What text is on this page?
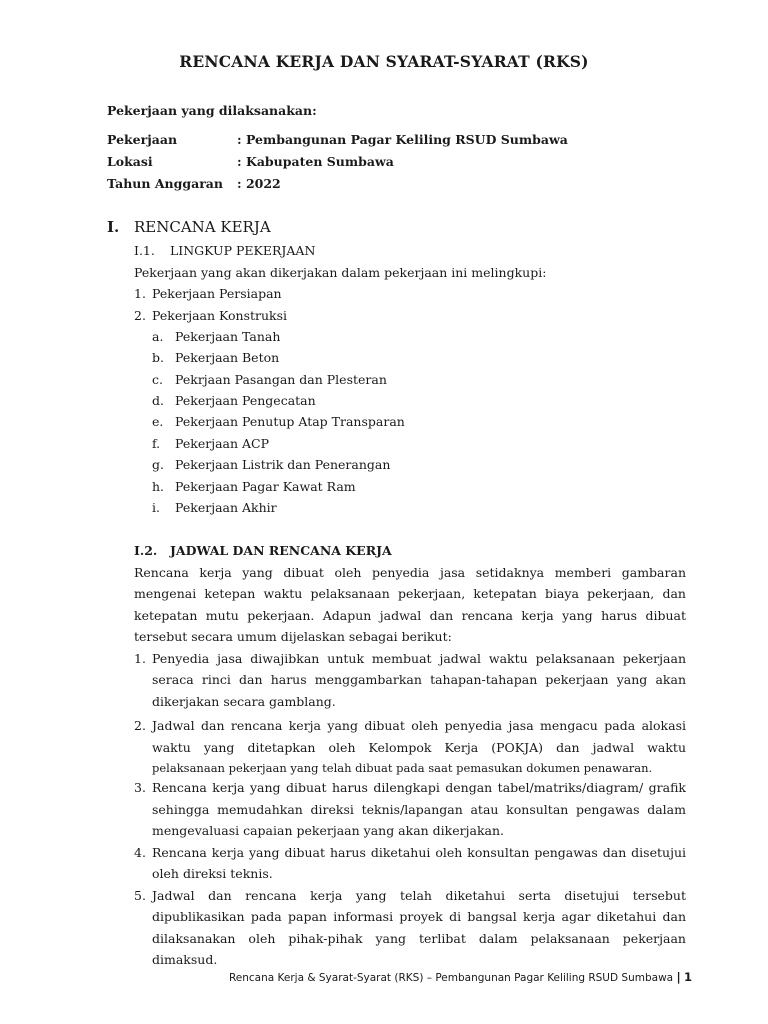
RENCANA KERJA DAN SYARAT-SYARAT (RKS)
Pekerjaan yang dilaksanakan:
Pekerjaan	: Pembangunan Pagar Keliling RSUD Sumbawa
Lokasi	: Kabupaten Sumbawa
Tahun Anggaran : 2022
I. RENCANA KERJA
I.1. LINGKUP PEKERJAAN
Pekerjaan yang akan dikerjakan dalam pekerjaan ini melingkupi:
1. Pekerjaan Persiapan
2. Pekerjaan Konstruksi
a. Pekerjaan Tanah
b. Pekerjaan Beton
c. Pekrjaan Pasangan dan Plesteran
d. Pekerjaan Pengecatan
e. Pekerjaan Penutup Atap Transparan
f. Pekerjaan ACP
g. Pekerjaan Listrik dan Penerangan
h. Pekerjaan Pagar Kawat Ram
i. Pekerjaan Akhir
I.2. JADWAL DAN RENCANA KERJA
Rencana kerja yang dibuat oleh penyedia jasa setidaknya memberi gambaran
mengenai ketepan waktu pelaksanaan pekerjaan, ketepatan biaya pekerjaan, dan
ketepatan mutu pekerjaan. Adapun jadwal dan rencana kerja yang harus dibuat
tersebut secara umum dijelaskan sebagai berikut:
1. Penyedia jasa diwajibkan untuk membuat jadwal waktu pelaksanaan pekerjaan
seraca rinci dan harus menggambarkan tahapan-tahapan pekerjaan yang akan
dikerjakan secara gamblang.
2. Jadwal dan rencana kerja yang dibuat oleh penyedia jasa mengacu pada alokasi
waktu yang ditetapkan oleh Kelompok Kerja (POKJA) dan jadwal waktu
pelaksanaan pekerjaan yang telah dibuat pada saat pemasukan dokumen penawaran.
3. Rencana kerja yang dibuat harus dilengkapi dengan tabel/matriks/diagram/ grafik
sehingga memudahkan direksi teknis/lapangan atau konsultan pengawas dalam
mengevaluasi capaian pekerjaan yang akan dikerjakan.
4. Rencana kerja yang dibuat harus diketahui oleh konsultan pengawas dan disetujui
oleh direksi teknis.
5. Jadwal dan rencana kerja yang telah diketahui serta disetujui tersebut
dipublikasikan pada papan informasi proyek di bangsal kerja agar diketahui dan
dilaksanakan oleh pihak-pihak yang terlibat dalam pelaksanaan pekerjaan
dimaksud.
Rencana Kerja & Syarat-Syarat (RKS) – Pembangunan Pagar Keliling RSUD Sumbawa | 1
